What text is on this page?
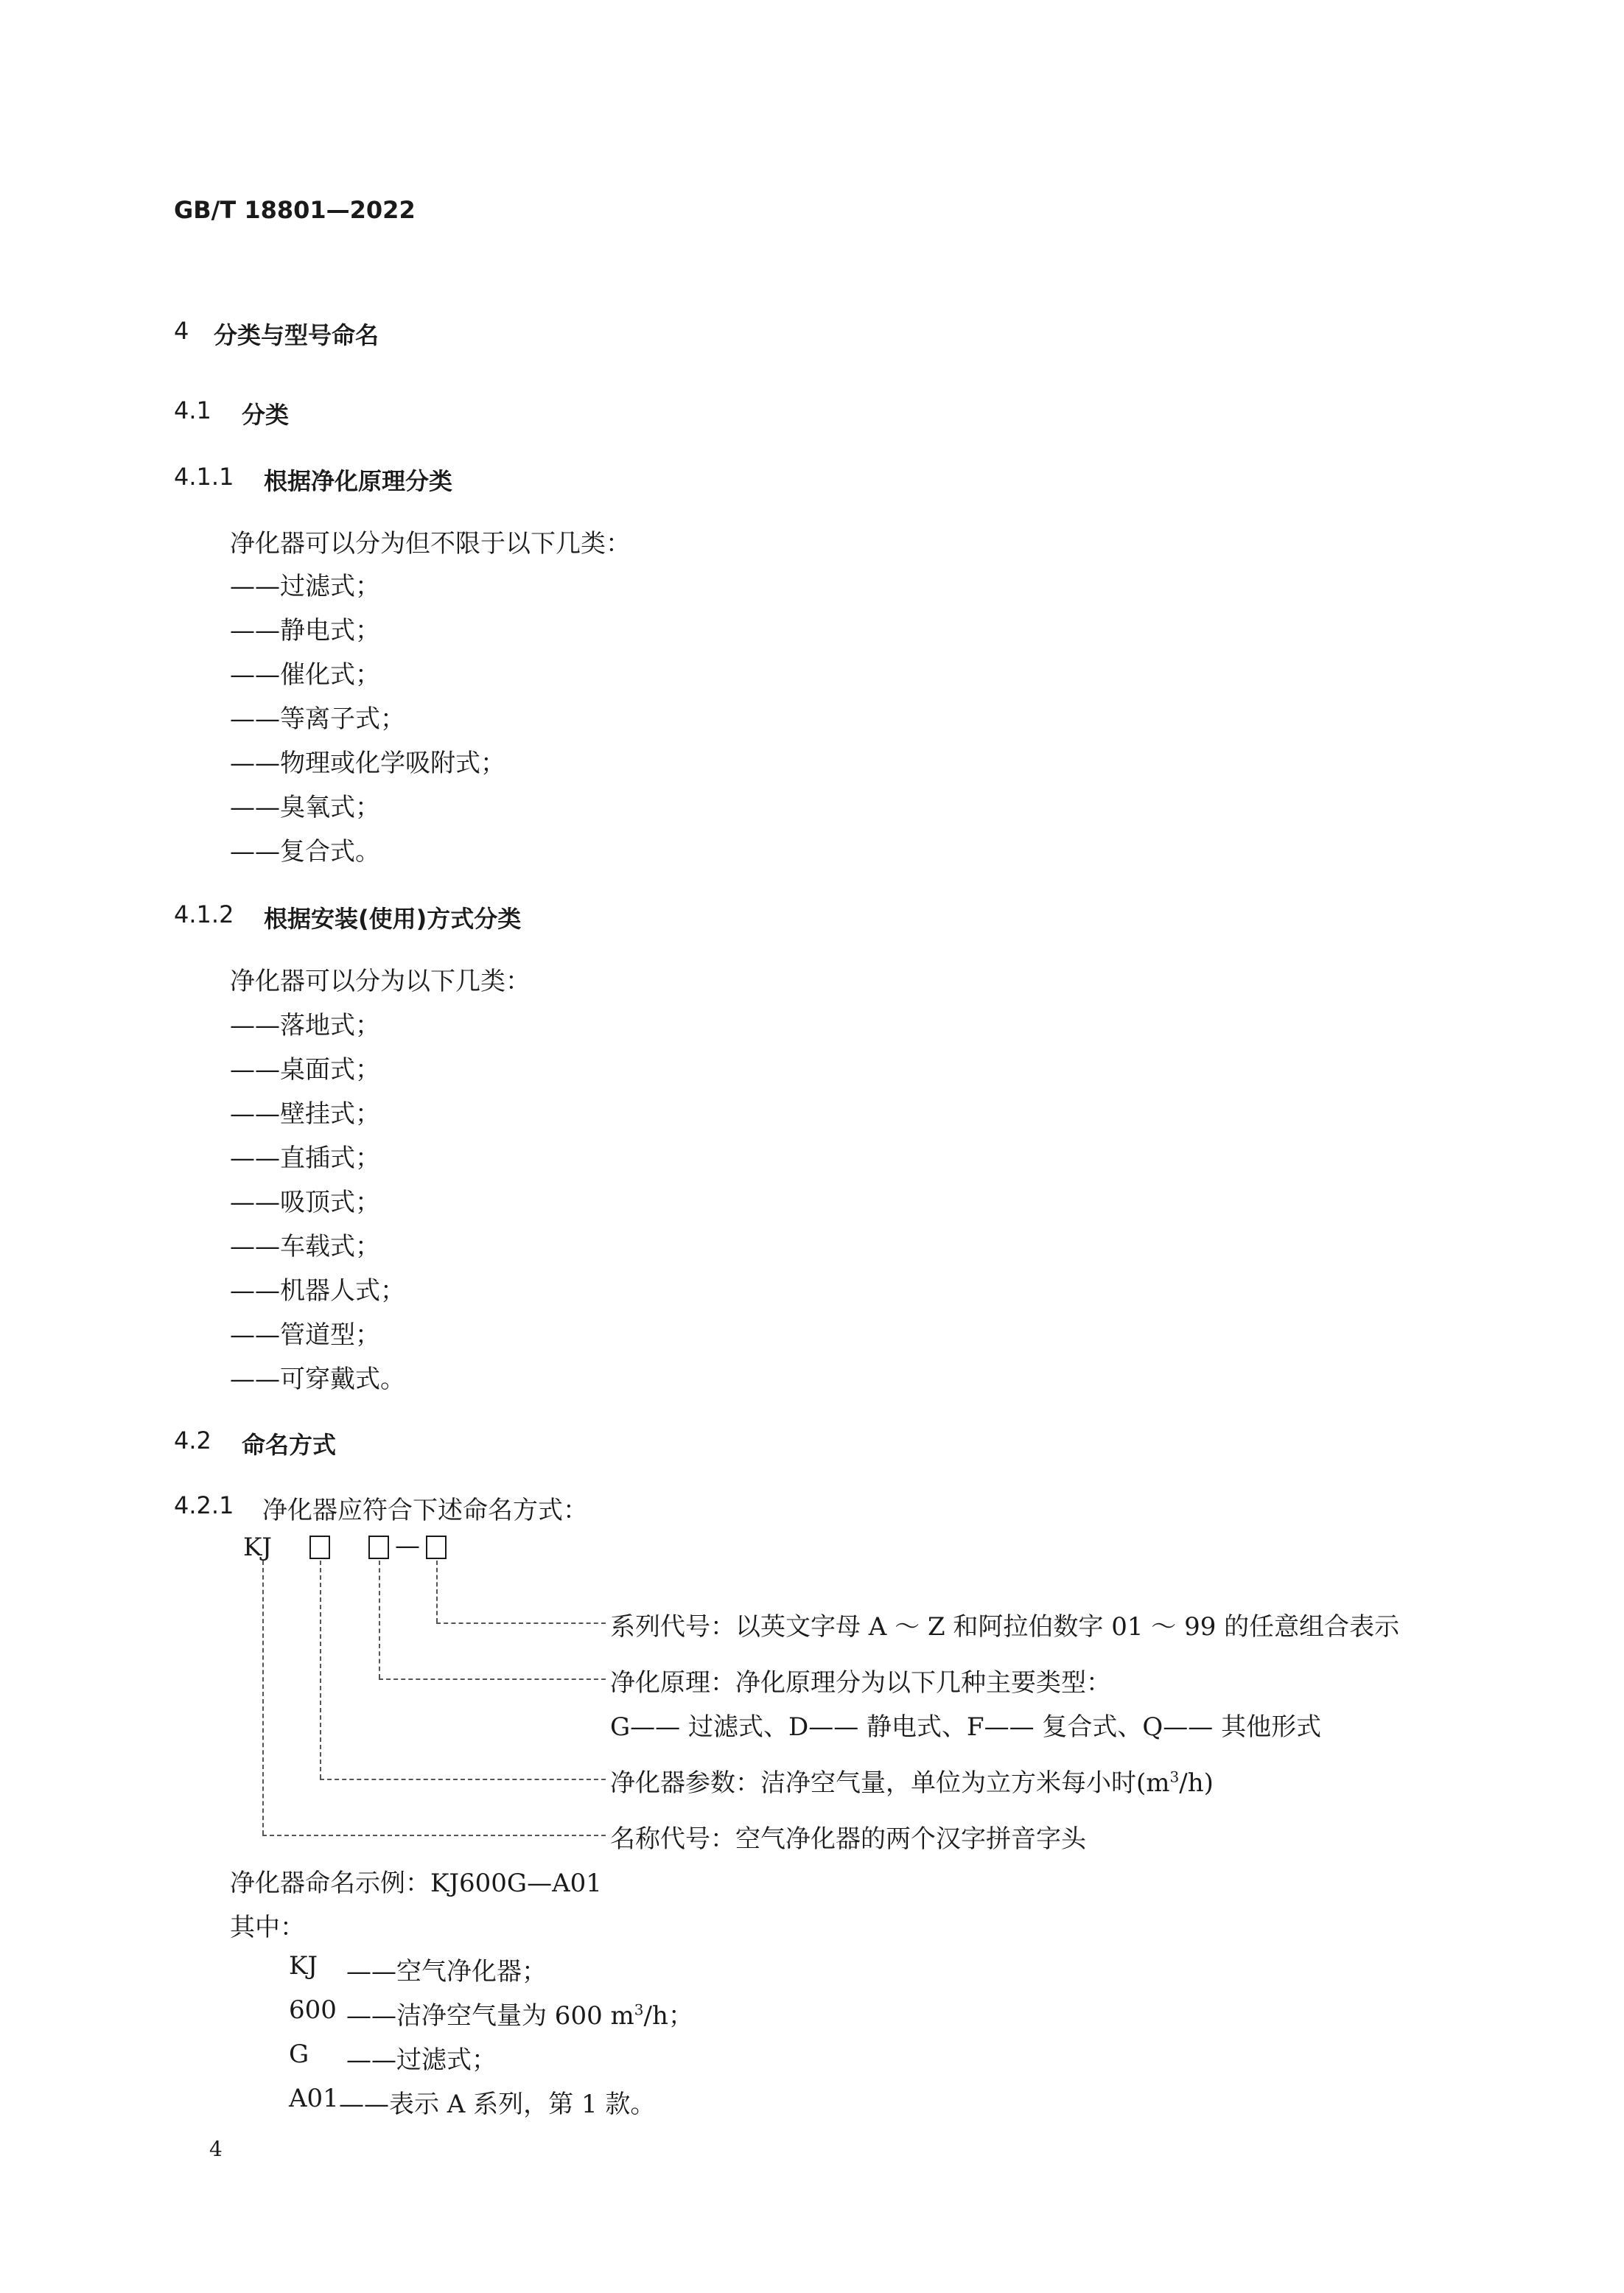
GB/T 18801—2022
4 分类与型号命名
4.1 分类
4.1.1 根据净化原理分类
净化器可以分为但不限于以下几类：
——过滤式；
——静电式；
——催化式；
——等离子式；
——物理或化学吸附式；
——臭氧式；
——复合式。
4.1.2 根据安装(使用)方式分类
净化器可以分为以下几类：
——落地式；
——桌面式；
——壁挂式；
——直插式；
——吸顶式；
——车载式；
——机器人式；
——管道型；
——可穿戴式。
4.2 命名方式
4.2.1 净化器应符合下述命名方式：
KJ	—
系列代号：以英文字母 A ～ Z 和阿拉伯数字 01 ～ 99 的任意组合表示
净化原理：净化原理分为以下几种主要类型：
G—— 过滤式、D—— 静电式、F—— 复合式、Q—— 其他形式
净化器参数：洁净空气量，单位为立方米每小时$(m^3/h)$
名称代号：空气净化器的两个汉字拼音字头
净化器命名示例：KJ600G—A01
其中：
KJ ——空气净化器；
600 ——洁净空气量为 600 $m^3/h$；
G ——过滤式；
A01 ——表示 A 系列，第 1 款。
4
